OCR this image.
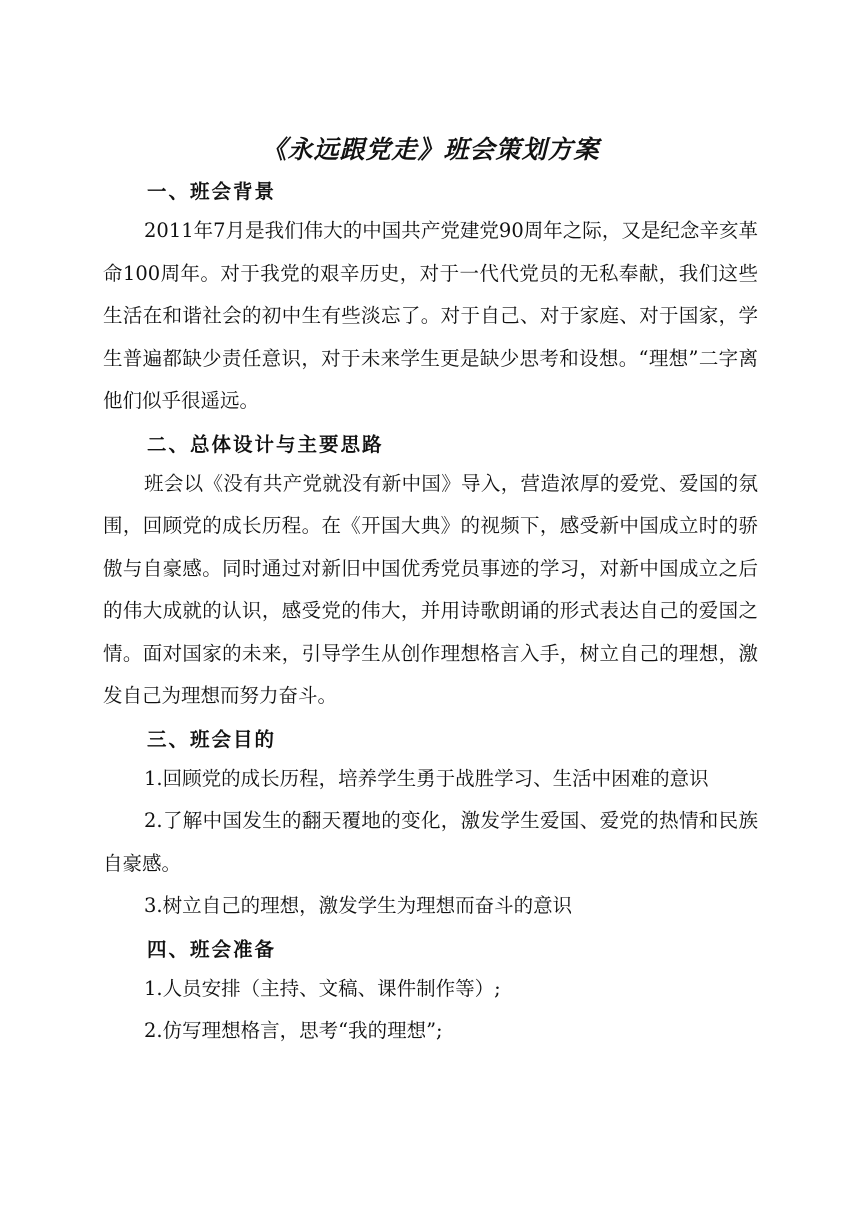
《永远跟党走》班会策划方案
一、班会背景

2011年7月是我们伟大的中国共产党建党90周年之际，又是纪念辛亥革命100周年。对于我党的艰辛历史，对于一代代党员的无私奉献，我们这些生活在和谐社会的初中生有些淡忘了。对于自己、对于家庭、对于国家，学生普遍都缺少责任意识，对于未来学生更是缺少思考和设想。“理想”二字离他们似乎很遥远。

二、总体设计与主要思路

班会以《没有共产党就没有新中国》导入，营造浓厚的爱党、爱国的氛围，回顾党的成长历程。在《开国大典》的视频下，感受新中国成立时的骄傲与自豪感。同时通过对新旧中国优秀党员事迹的学习，对新中国成立之后的伟大成就的认识，感受党的伟大，并用诗歌朗诵的形式表达自己的爱国之情。面对国家的未来，引导学生从创作理想格言入手，树立自己的理想，激发自己为理想而努力奋斗。

三、班会目的

1.回顾党的成长历程，培养学生勇于战胜学习、生活中困难的意识

2.了解中国发生的翻天覆地的变化，激发学生爱国、爱党的热情和民族自豪感。

3.树立自己的理想，激发学生为理想而奋斗的意识

四、班会准备

1.人员安排（主持、文稿、课件制作等）;

2.仿写理想格言，思考“我的理想”;
